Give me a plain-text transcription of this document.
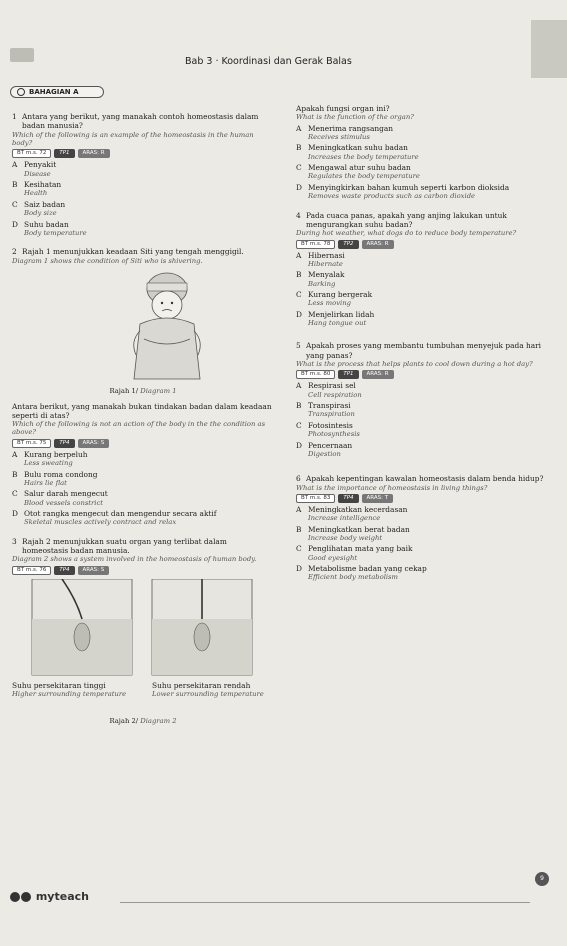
Bab 3 · Koordinasi dan Gerak Balas
BAHAGIAN A
1 Antara yang berikut, yang manakah contoh homeostasis dalam badan manusia?
Which of the following is an example of the homeostasis in the human body?
BT m.s. 72	TP1	ARAS: R
A Penyakit
Disease
B Kesihatan
Health
C Saiz badan
Body size
D Suhu badan
Body temperature
2 Rajah 1 menunjukkan keadaan Siti yang tengah menggigil.
Diagram 1 shows the condition of Siti who is shivering.
Rajah 1/ Diagram 1
Antara berikut, yang manakah bukan tindakan badan dalam keadaan seperti di atas?
Which of the following is not an action of the body in the the condition as above?
BT m.s. 75	TP4	ARAS: S
A Kurang berpeluh
Less sweating
B Bulu roma condong
Hairs lie flat
C Salur darah mengecut
Blood vessels constrict
D Otot rangka mengecut dan mengendur secara aktif
Skeletal muscles actively contract and relax
3 Rajah 2 menunjukkan suatu organ yang terlibat dalam homeostasis badan manusia.
Diagram 2 shows a system involved in the homeostasis of human body.
BT m.s. 76	TP4	ARAS: S
Suhu persekitaran tinggi
Higher surrounding temperature
Suhu persekitaran rendah
Lower surrounding temperature
Rajah 2/ Diagram 2
Apakah fungsi organ ini?
What is the function of the organ?
A Menerima rangsangan
Receives stimulus
B Meningkatkan suhu badan
Increases the body temperature
C Mengawal atur suhu badan
Regulates the body temperature
D Menyingkirkan bahan kumuh seperti karbon dioksida
Removes waste products such as carbon dioxide
4 Pada cuaca panas, apakah yang anjing lakukan untuk mengurangkan suhu badan?
During hot weather, what dogs do to reduce body temperature?
BT m.s. 78	TP2	ARAS: R
A Hibernasi
Hibernate
B Menyalak
Barking
C Kurang bergerak
Less moving
D Menjelirkan lidah
Hang tongue out
5 Apakah proses yang membantu tumbuhan menyejuk pada hari yang panas?
What is the process that helps plants to cool down during a hot day?
BT m.s. 80	TP1	ARAS: R
A Respirasi sel
Cell respiration
B Transpirasi
Transpiration
C Fotosintesis
Photosynthesis
D Pencernaan
Digestion
6 Apakah kepentingan kawalan homeostasis dalam benda hidup?
What is the importance of homeostasis in living things?
BT m.s. 83	TP4	ARAS: T
A Meningkatkan kecerdasan
Increase intelligence
B Meningkatkan berat badan
Increase body weight
C Penglihatan mata yang baik
Good eyesight
D Metabolisme badan yang cekap
Efficient body metabolism
myteach
9
